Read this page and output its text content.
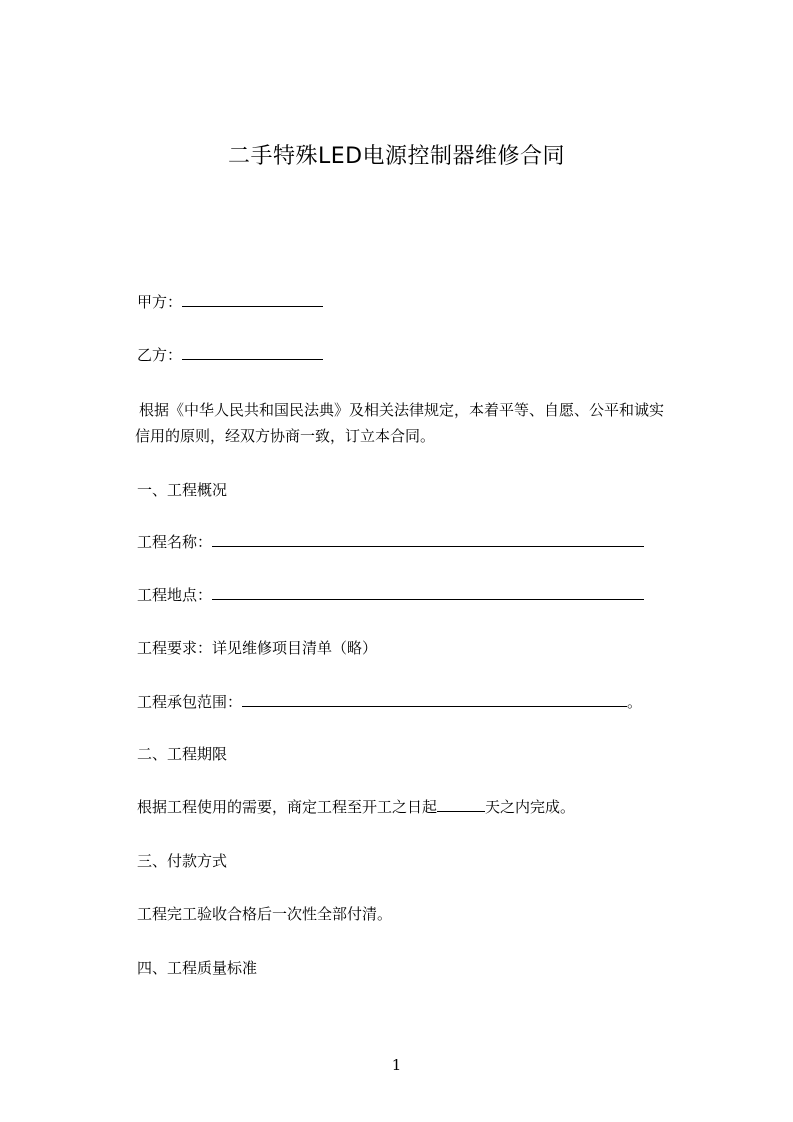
二手特殊LED电源控制器维修合同
甲方：
乙方：
根据《中华人民共和国民法典》及相关法律规定，本着平等、自愿、公平和诚实
信用的原则，经双方协商一致，订立本合同。
一、工程概况
工程名称：
工程地点：
工程要求：详见维修项目清单（略）
工程承包范围：	。
二、工程期限
根据工程使用的需要，商定工程至开工之日起	天之内完成。
三、付款方式
工程完工验收合格后一次性全部付清。
四、工程质量标准
1
